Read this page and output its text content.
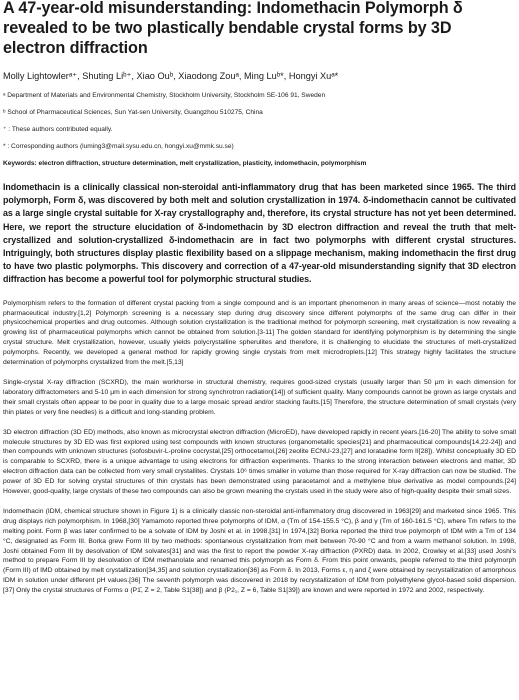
A 47-year-old misunderstanding: Indomethacin Polymorph δ revealed to be two plastically bendable crystal forms by 3D electron diffraction
Molly Lightowlerᵃ⁺, Shuting Liᵇ⁺, Xiao Ouᵇ, Xiaodong Zouᵃ, Ming Luᵇ*, Hongyi Xuᵃ*

ᵃ Department of Materials and Environmental Chemistry, Stockholm University, Stockholm SE-106 91, Sweden

ᵇ School of Pharmaceutical Sciences, Sun Yat-sen University, Guangzhou 510275, China

⁺ : These authors contributed equally.

* : Corresponding authors (luming3@mail.sysu.edu.cn, hongyi.xu@mmk.su.se)

Keywords: electron diffraction, structure determination, melt crystallization, plasticity, indomethacin, polymorphism
Indomethacin is a clinically classical non-steroidal anti-inflammatory drug that has been marketed since 1965. The third polymorph, Form δ, was discovered by both melt and solution crystallization in 1974. δ-indomethacin cannot be cultivated as a large single crystal suitable for X-ray crystallography and, therefore, its crystal structure has not yet been determined. Here, we report the structure elucidation of δ-indomethacin by 3D electron diffraction and reveal the truth that melt-crystallized and solution-crystallized δ-indomethacin are in fact two polymorphs with different crystal structures. Intriguingly, both structures display plastic flexibility based on a slippage mechanism, making indomethacin the first drug to have two plastic polymorphs. This discovery and correction of a 47-year-old misunderstanding signify that 3D electron diffraction has become a powerful tool for polymorphic structural studies.

Polymorphism refers to the formation of different crystal packing from a single compound and is an important phenomenon in many areas of science—most notably the pharmaceutical industry.[1,2] Polymorph screening is a necessary step during drug discovery since different polymorphs of the same drug can differ in their physicochemical properties and drug outcomes. Although solution crystallization is the traditional method for polymorph screening, melt crystallization is now revealing a growing list of pharmaceutical polymorphs which cannot be obtained from solution.[3-11] The golden standard for identifying polymorphism is by determining the single crystal structure. Melt crystallization, however, usually yields polycrystalline spherulites and therefore, it is challenging to elucidate the structures of melt-crystallized polymorphs. Recently, we developed a general method for rapidly growing single crystals from melt microdroplets.[12] This strategy highly facilitates the structure determination of polymorphs crystallized from the melt.[5,13]

Single-crystal X-ray diffraction (SCXRD), the main workhorse in structural chemistry, requires good-sized crystals (usually larger than 50 μm in each dimension for laboratory diffractometers and 5-10 μm in each dimension for strong synchrotron radiation[14]) of sufficient quality. Many compounds cannot be grown as large crystals and their small crystals often appear to be poor in quality due to a large mosaic spread and/or stacking faults.[15] Therefore, the structure determination of small crystals (very thin plates or very fine needles) is a difficult and long-standing problem.

3D electron diffraction (3D ED) methods, also known as microcrystal electron diffraction (MicroED), have developed rapidly in recent years.[16-20] The ability to solve small molecule structures by 3D ED was first explored using test compounds with known structures (organometallic species[21] and pharmaceutical compounds[14,22-24]) and then compounds with unknown structures (sofosbuvir-L-proline cocrystal,[25] orthocetamol,[26] zeolite ECNU-23,[27] and loratadine form II[28]). Whilst conceptually 3D ED is comparable to SCXRD, there is a unique advantage to using electrons for diffraction experiments. Thanks to the strong interaction between electrons and matter, 3D electron diffraction data can be collected from very small crystallites. Crystals 10⁶ times smaller in volume than those required for X-ray diffraction can now be studied. The power of 3D ED for solving crystal structures of thin crystals has been demonstrated using paracetamol and a methylene blue derivative as model compounds.[24] However, good-quality, large crystals of these two compounds can also be grown meaning the crystals used in the study were also of high-quality despite their small sizes.

Indomethacin (IDM, chemical structure shown in Figure 1) is a clinically classic non-steroidal anti-inflammatory drug discovered in 1963[29] and marketed since 1965. This drug displays rich polymorphism. In 1968,[30] Yamamoto reported three polymorphs of IDM, α (Tm of 154-155.5 °C), β and γ (Tm of 160-161.5 °C), where Tm refers to the melting point. Form β was later confirmed to be a solvate of IDM by Joshi et al. in 1998.[31] In 1974,[32] Borka reported the third true polymorph of IDM with a Tm of 134 °C, designated as Form III. Borka grew Form III by two methods: spontaneous crystallization from melt between 70-90 °C and from a warm methanol solution. In 1998, Joshi obtained Form III by desolvation of IDM solvates[31] and was the first to report the powder X-ray diffraction (PXRD) data. In 2002, Crowley et al.[33] used Joshi's method to prepare Form III by desolvation of IDM methanolate and renamed this polymorph as Form δ. From this point onwards, people referred to the third polymorph (Form III) of IMD obtained by melt crystallization[34,35] and solution crystallization[36] as Form δ. In 2013, Forms ε, η and ζ were obtained by recrystallization of amorphous IDM in solution under different pH values.[36] The seventh polymorph was discovered in 2018 by recrystallization of IDM from polyethylene glycol-based solid dispersion.[37] Only the crystal structures of Forms α (P1̄, Z = 2, Table S1[38]) and β (P2₁, Z = 6, Table S1[39]) are known and were reported in 1972 and 2002, respectively.
